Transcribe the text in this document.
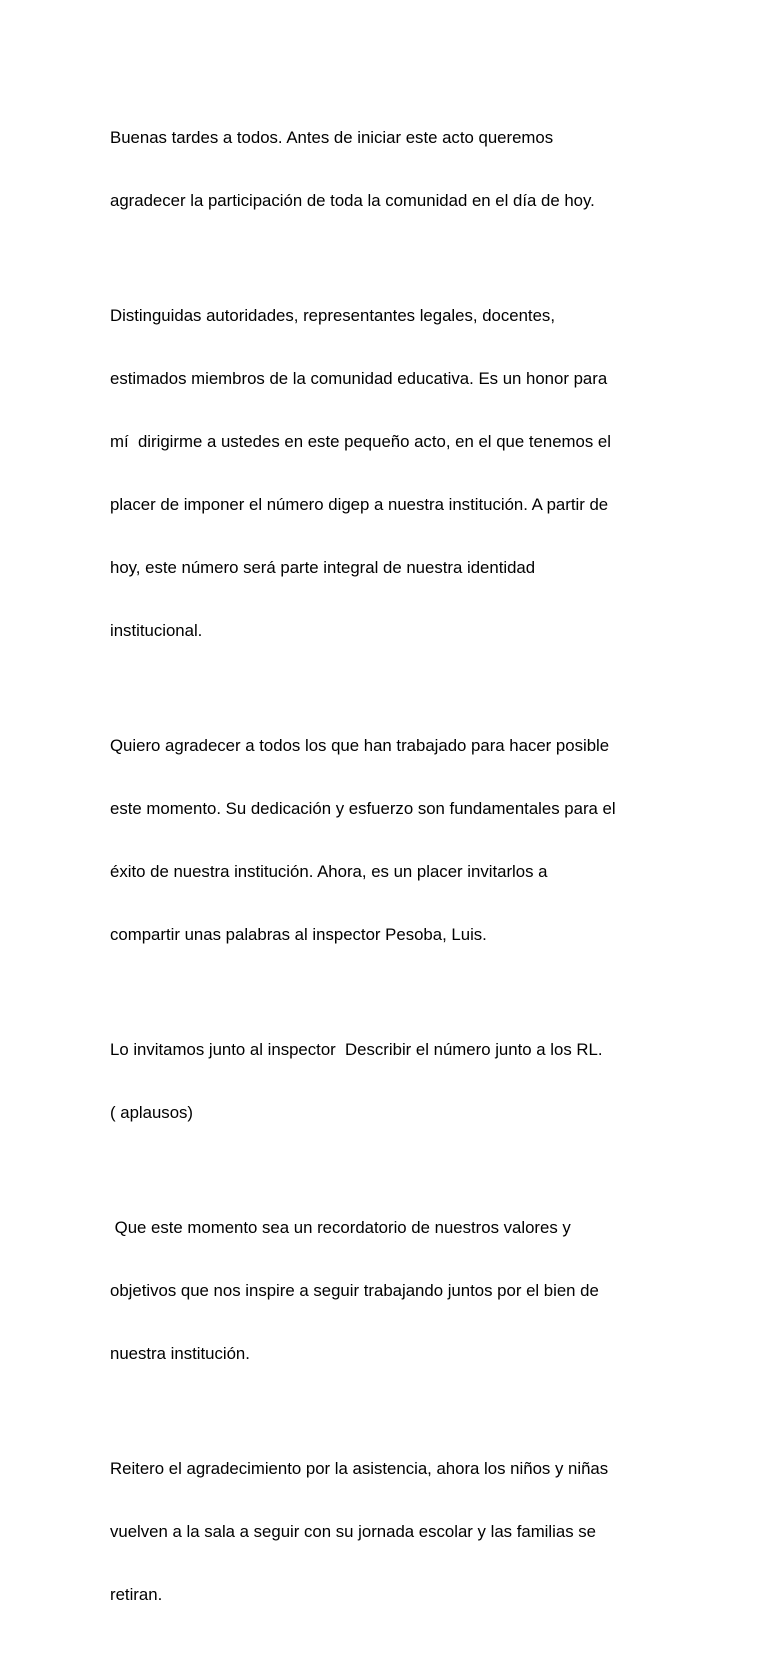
Buenas tardes a todos. Antes de iniciar este acto queremos

agradecer la participación de toda la comunidad en el día de hoy.

Distinguidas autoridades, representantes legales, docentes,

estimados miembros de la comunidad educativa. Es un honor para

mí  dirigirme a ustedes en este pequeño acto, en el que tenemos el

placer de imponer el número digep a nuestra institución. A partir de

hoy, este número será parte integral de nuestra identidad

institucional.

Quiero agradecer a todos los que han trabajado para hacer posible

este momento. Su dedicación y esfuerzo son fundamentales para el

éxito de nuestra institución. Ahora, es un placer invitarlos a

compartir unas palabras al inspector Pesoba, Luis.

Lo invitamos junto al inspector  Describir el número junto a los RL.

( aplausos)

Que este momento sea un recordatorio de nuestros valores y

objetivos que nos inspire a seguir trabajando juntos por el bien de

nuestra institución.

Reitero el agradecimiento por la asistencia, ahora los niños y niñas

vuelven a la sala a seguir con su jornada escolar y las familias se

retiran.
